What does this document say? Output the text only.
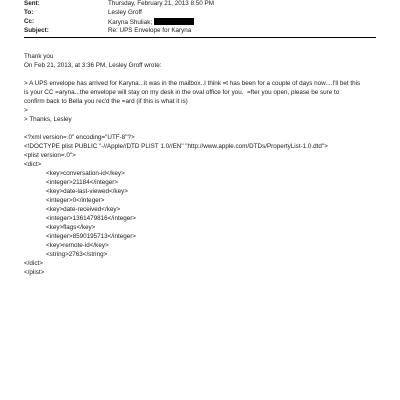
Sent:	Thursday, February 21, 2013 8:50 PM
To:	Lesley Groff
Cc:	Karyna Shuliak;
Subject:	Re: UPS Envelope for Karyna
Thank you
On Feb 21, 2013, at 3:36 PM, Lesley Groff wrote:
> A UPS envelope has arrived for Karyna...it was in the mailbox..I think =t has been for a couple of days now....I'll bet this
is your CC =aryna...the envelope will stay on my desk in the oval office for you.  =fter you open, please be sure to
confirm back to Bella you rec'd the =ard (if this is what it is)
>
> Thanks, Lesley
<?xml version=.0" encoding="UTF-8"?>
<!DOCTYPE plist PUBLIC "-//Apple//DTD PLIST 1.0//EN" "http://www.apple.com/DTDs/PropertyList-1.0.dtd">
<plist version=.0">
<dict>
<key>conversation-id</key>
<integer>21184</integer>
<key>date-last-viewed</key>
<integer>0</integer>
<key>date-received</key>
<integer>1361479816</integer>
<key>flags</key>
<integer>8590195713</integer>
<key>remote-id</key>
<string>2763</string>
</dict>
</plist>
